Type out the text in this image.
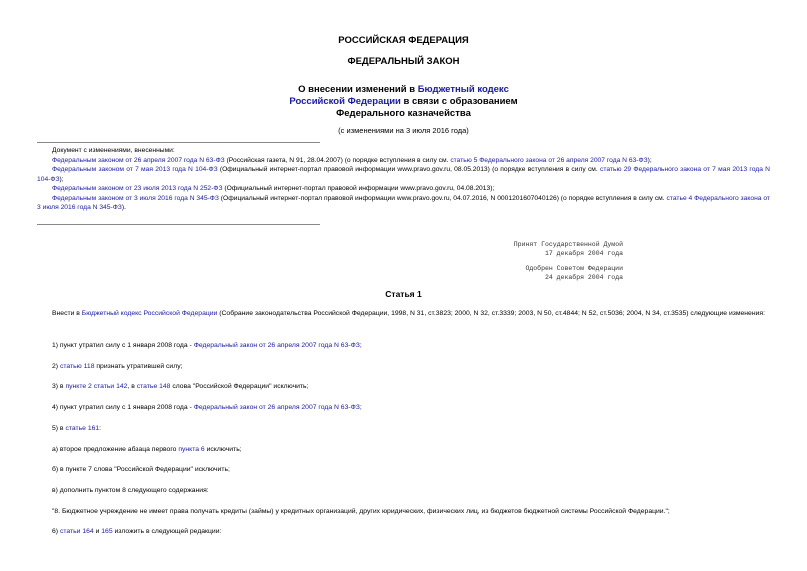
РОССИЙСКАЯ ФЕДЕРАЦИЯ
ФЕДЕРАЛЬНЫЙ ЗАКОН
О внесении изменений в Бюджетный кодекс
Российской Федерации в связи с образованием
Федерального казначейства
(с изменениями на 3 июля 2016 года)

Документ с изменениями, внесенными:

Федеральным законом от 26 апреля 2007 года N 63-ФЗ (Российская газета, N 91, 28.04.2007) (о порядке вступления в силу см. статью 5 Федерального закона от 26 апреля 2007 года N 63-ФЗ);

Федеральным законом от 7 мая 2013 года N 104-ФЗ (Официальный интернет-портал правовой информации www.pravo.gov.ru, 08.05.2013) (о порядке вступления в силу см. статью 29 Федерального закона от 7 мая 2013 года N 104-ФЗ);

Федеральным законом от 23 июля 2013 года N 252-ФЗ (Официальный интернет-портал правовой информации www.pravo.gov.ru, 04.08.2013);

Федеральным законом от 3 июля 2016 года N 345-ФЗ (Официальный интернет-портал правовой информации www.pravo.gov.ru, 04.07.2016, N 0001201607040126) (о порядке вступления в силу см. статье 4 Федерального закона от 3 июля 2016 года N 345-ФЗ).

Принят Государственной Думой
17 декабря 2004 года
Одобрен Советом Федерации
24 декабря 2004 года
Статья 1

Внести в Бюджетный кодекс Российской Федерации (Собрание законодательства Российской Федерации, 1998, N 31, ст.3823; 2000, N 32, ст.3339; 2003, N 50, ст.4844; N 52, ст.5036; 2004, N 34, ст.3535) следующие изменения:

1) пункт утратил силу с 1 января 2008 года - Федеральный закон от 26 апреля 2007 года N 63-ФЗ;

2) статью 118 признать утратившей силу;

3) в пункте 2 статьи 142, в статье 148 слова "Российской Федерации" исключить;

4) пункт утратил силу с 1 января 2008 года - Федеральный закон от 26 апреля 2007 года N 63-ФЗ;

5) в статье 161:

а) второе предложение абзаца первого пункта 6 исключить;

б) в пункте 7 слова "Российской Федерации" исключить;

в) дополнить пунктом 8 следующего содержания:

"8. Бюджетное учреждение не имеет права получать кредиты (займы) у кредитных организаций, других юридических, физических лиц, из бюджетов бюджетной системы Российской Федерации.";

6) статьи 164 и 165 изложить в следующей редакции:
